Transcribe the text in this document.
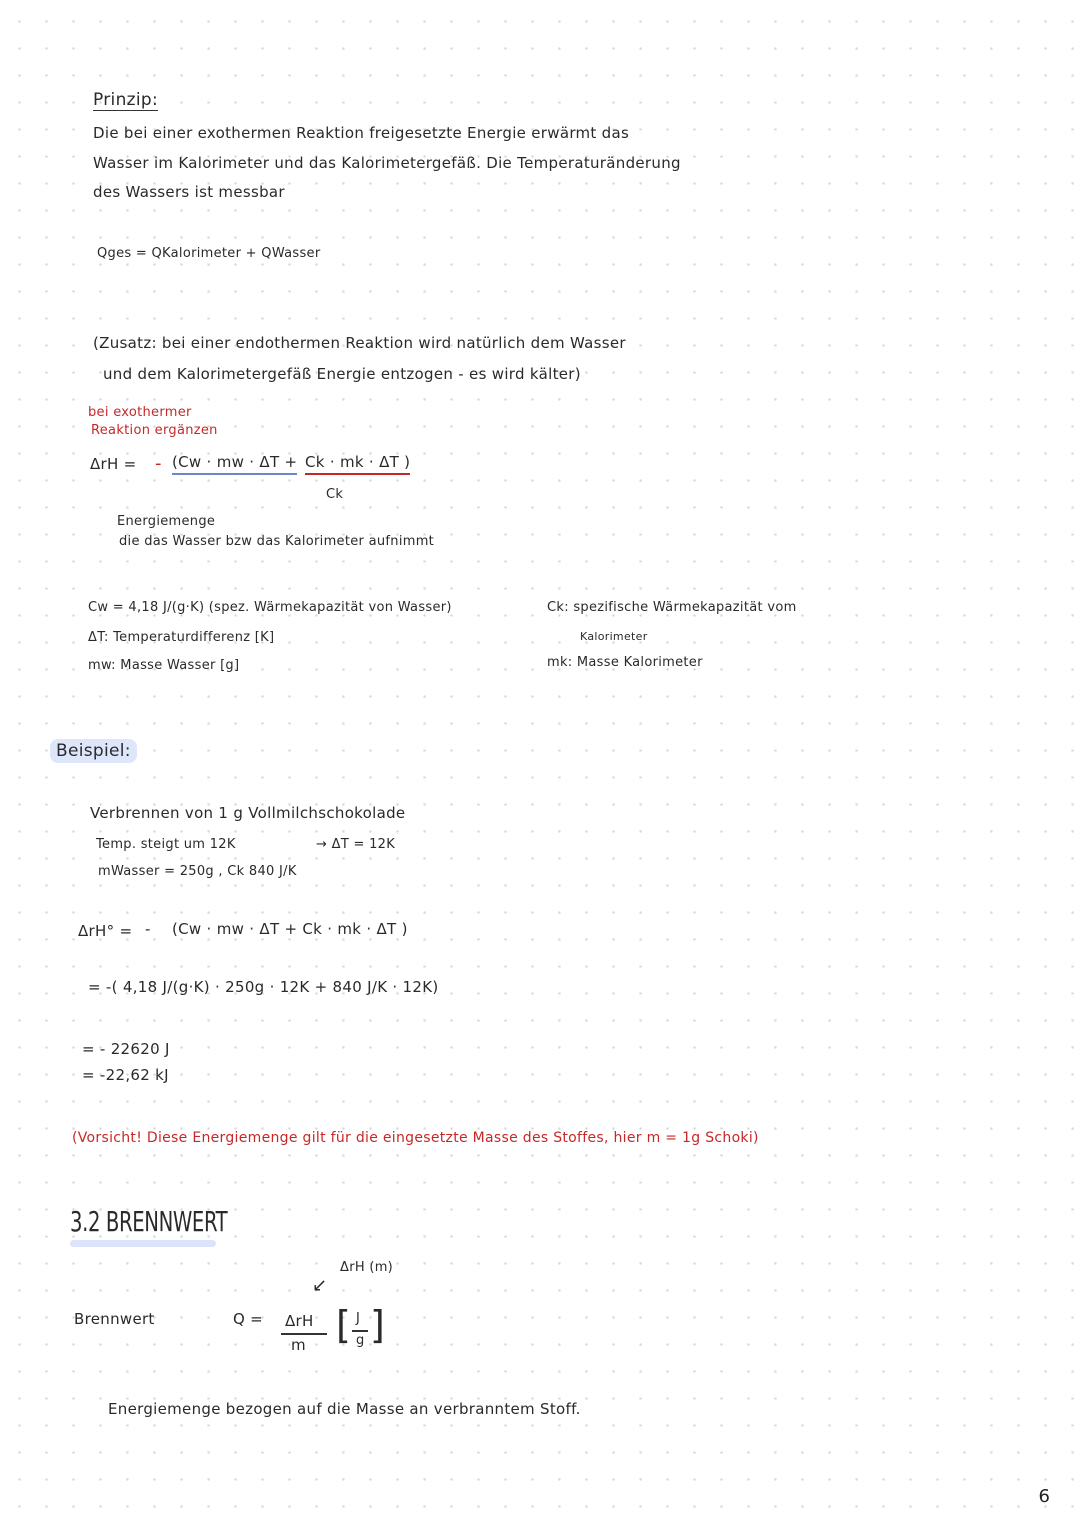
Prinzip:
Die bei einer exothermen Reaktion freigesetzte Energie erwärmt das
Wasser im Kalorimeter und das Kalorimetergefäß. Die Temperaturänderung
des Wassers ist messbar
Qges = QKalorimeter + QWasser
(Zusatz: bei einer endothermen Reaktion wird natürlich dem Wasser
und dem Kalorimetergefäß Energie entzogen - es wird kälter)
bei exothermer
Reaktion ergänzen
ΔrH = - (Cw · mw · ΔT + Ck · mk · ΔT )
Ck
Energiemenge
die das Wasser bzw das Kalorimeter aufnimmt
Cw = 4,18 J/(g·K) (spez. Wärmekapazität von Wasser)
ΔT: Temperaturdifferenz [K]
mw: Masse Wasser [g]
Ck: spezifische Wärmekapazität vom
Kalorimeter
mk: Masse Kalorimeter
Beispiel:
Verbrennen von 1 g Vollmilchschokolade
Temp. steigt um 12K	→ ΔT = 12K
mWasser = 250g , Ck 840 J/K
ΔrH° = - (Cw · mw · ΔT + Ck · mk · ΔT )
= -( 4,18 J/(g·K) · 250g · 12K + 840 J/K · 12K)
= - 22620 J
= -22,62 kJ
(Vorsicht! Diese Energiemenge gilt für die eingesetzte Masse des Stoffes, hier m = 1g Schoki)
3.2 BRENNWERT
ΔrH (m)
↙
Brennwert	Q = ΔrH
m [ J
g ]
Energiemenge bezogen auf die Masse an verbranntem Stoff.
6
